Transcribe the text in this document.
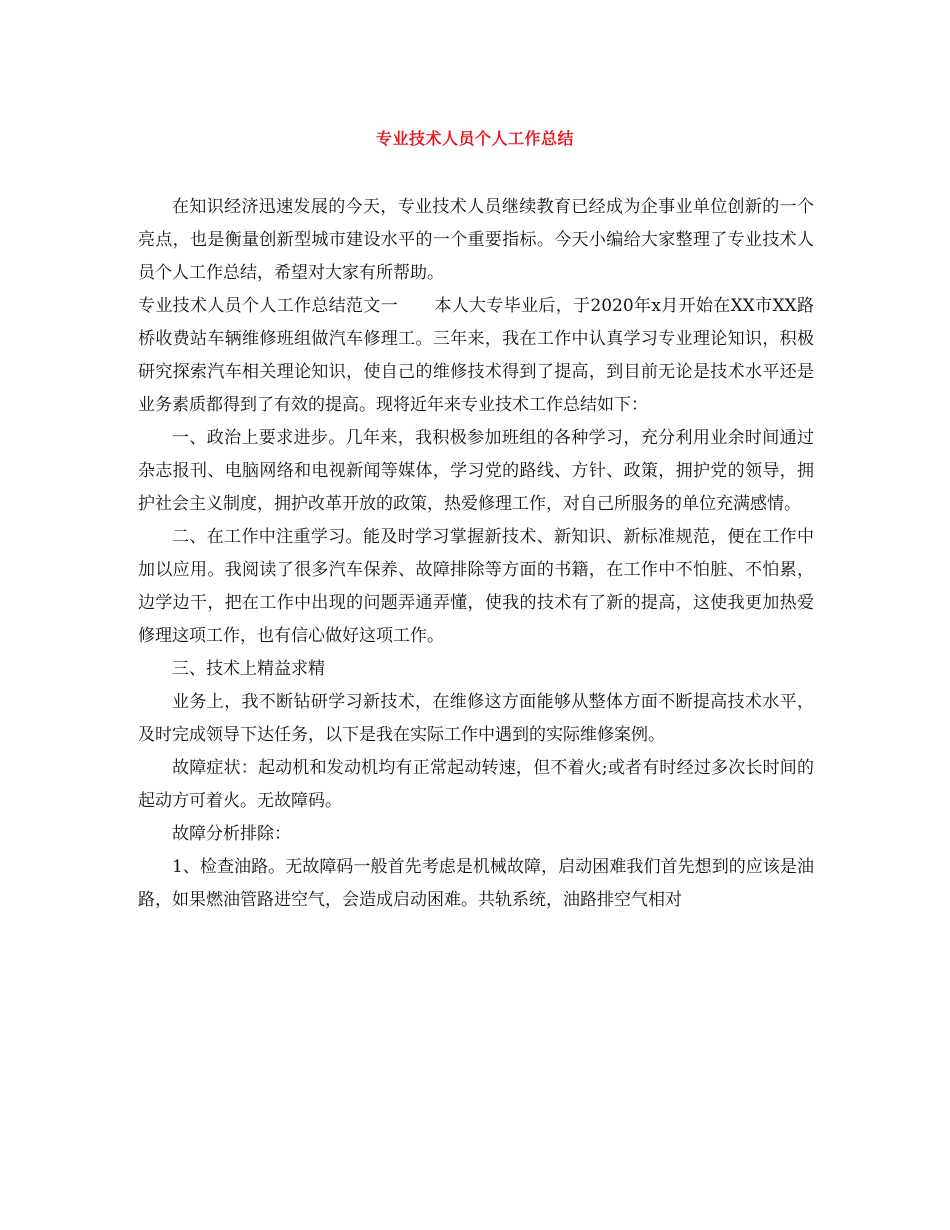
专业技术人员个人工作总结

在知识经济迅速发展的今天，专业技术人员继续教育已经成为企事业单位创新的一个亮点，也是衡量创新型城市建设水平的一个重要指标。今天小编给大家整理了专业技术人员个人工作总结，希望对大家有所帮助。

专业技术人员个人工作总结范文一 本人大专毕业后，于2020年x月开始在XX市XX路桥收费站车辆维修班组做汽车修理工。三年来，我在工作中认真学习专业理论知识，积极研究探索汽车相关理论知识，使自己的维修技术得到了提高，到目前无论是技术水平还是业务素质都得到了有效的提高。现将近年来专业技术工作总结如下：

一、政治上要求进步。几年来，我积极参加班组的各种学习，充分利用业余时间通过杂志报刊、电脑网络和电视新闻等媒体，学习党的路线、方针、政策，拥护党的领导，拥护社会主义制度，拥护改革开放的政策，热爱修理工作，对自己所服务的单位充满感情。

二、在工作中注重学习。能及时学习掌握新技术、新知识、新标准规范，便在工作中加以应用。我阅读了很多汽车保养、故障排除等方面的书籍，在工作中不怕脏、不怕累，边学边干，把在工作中出现的问题弄通弄懂，使我的技术有了新的提高，这使我更加热爱修理这项工作，也有信心做好这项工作。

三、技术上精益求精

业务上，我不断钻研学习新技术，在维修这方面能够从整体方面不断提高技术水平，及时完成领导下达任务，以下是我在实际工作中遇到的实际维修案例。

故障症状：起动机和发动机均有正常起动转速，但不着火;或者有时经过多次长时间的起动方可着火。无故障码。

故障分析排除：

1、检查油路。无故障码一般首先考虑是机械故障，启动困难我们首先想到的应该是油路，如果燃油管路进空气，会造成启动困难。共轨系统，油路排空气相对
